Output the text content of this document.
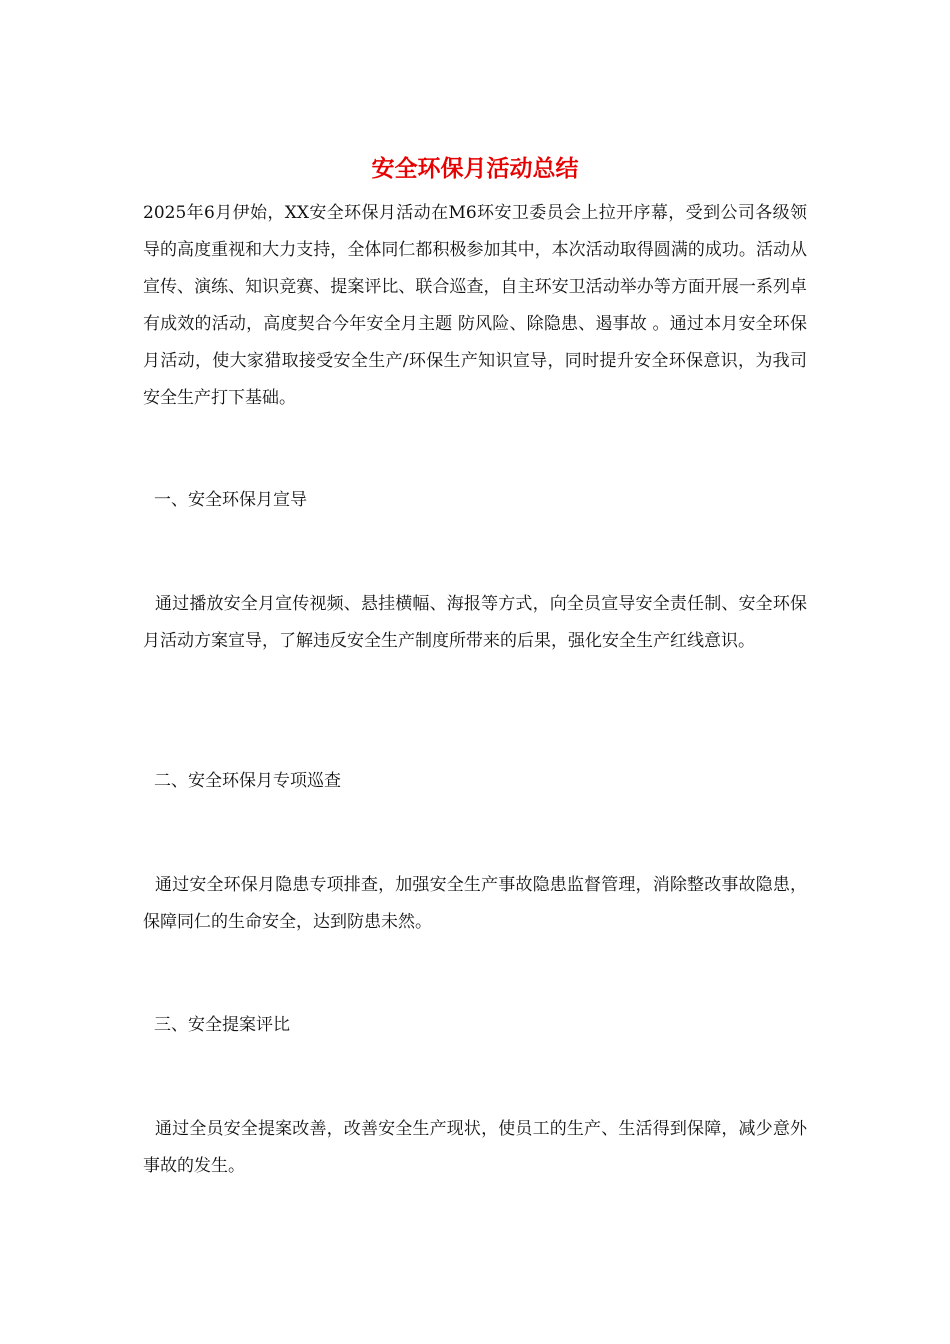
安全环保月活动总结

2025年6月伊始，XX安全环保月活动在M6环安卫委员会上拉开序幕，受到公司各级领导的高度重视和大力支持，全体同仁都积极参加其中，本次活动取得圆满的成功。活动从宣传、演练、知识竞赛、提案评比、联合巡查，自主环安卫活动举办等方面开展一系列卓有成效的活动，高度契合今年安全月主题 防风险、除隐患、遏事故 。通过本月安全环保月活动，使大家猎取接受安全生产/环保生产知识宣导，同时提升安全环保意识，为我司安全生产打下基础。

一、安全环保月宣导

通过播放安全月宣传视频、悬挂横幅、海报等方式，向全员宣导安全责任制、安全环保月活动方案宣导，了解违反安全生产制度所带来的后果，强化安全生产红线意识。

二、安全环保月专项巡查

通过安全环保月隐患专项排查，加强安全生产事故隐患监督管理，消除整改事故隐患，保障同仁的生命安全，达到防患未然。

三、安全提案评比

通过全员安全提案改善，改善安全生产现状，使员工的生产、生活得到保障，减少意外事故的发生。
